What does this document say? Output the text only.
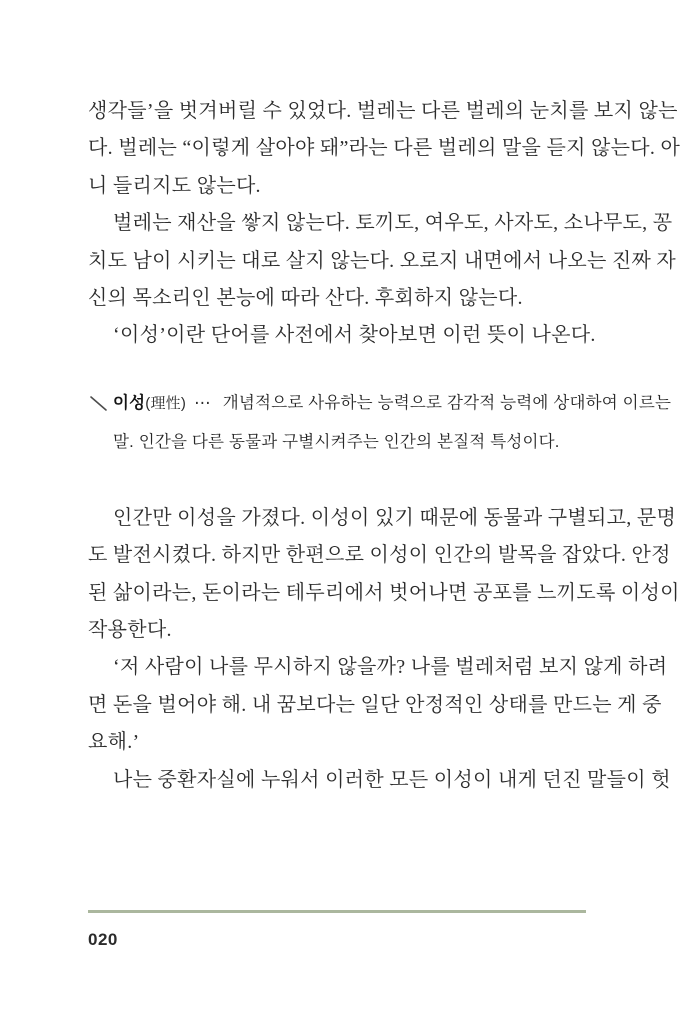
생각들’을 벗겨버릴 수 있었다. 벌레는 다른 벌레의 눈치를 보지 않는
다. 벌레는 “이렇게 살아야 돼”라는 다른 벌레의 말을 듣지 않는다. 아
니 들리지도 않는다.
벌레는 재산을 쌓지 않는다. 토끼도, 여우도, 사자도, 소나무도, 꽁
치도 남이 시키는 대로 살지 않는다. 오로지 내면에서 나오는 진짜 자
신의 목소리인 본능에 따라 산다. 후회하지 않는다.
‘이성’이란 단어를 사전에서 찾아보면 이런 뜻이 나온다.
이성(理性) ⋯ 개념적으로 사유하는 능력으로 감각적 능력에 상대하여 이르는
말. 인간을 다른 동물과 구별시켜주는 인간의 본질적 특성이다.
인간만 이성을 가졌다. 이성이 있기 때문에 동물과 구별되고, 문명
도 발전시켰다. 하지만 한편으로 이성이 인간의 발목을 잡았다. 안정
된 삶이라는, 돈이라는 테두리에서 벗어나면 공포를 느끼도록 이성이
작용한다.
‘저 사람이 나를 무시하지 않을까? 나를 벌레처럼 보지 않게 하려
면 돈을 벌어야 해. 내 꿈보다는 일단 안정적인 상태를 만드는 게 중
요해.’
나는 중환자실에 누워서 이러한 모든 이성이 내게 던진 말들이 헛
020
